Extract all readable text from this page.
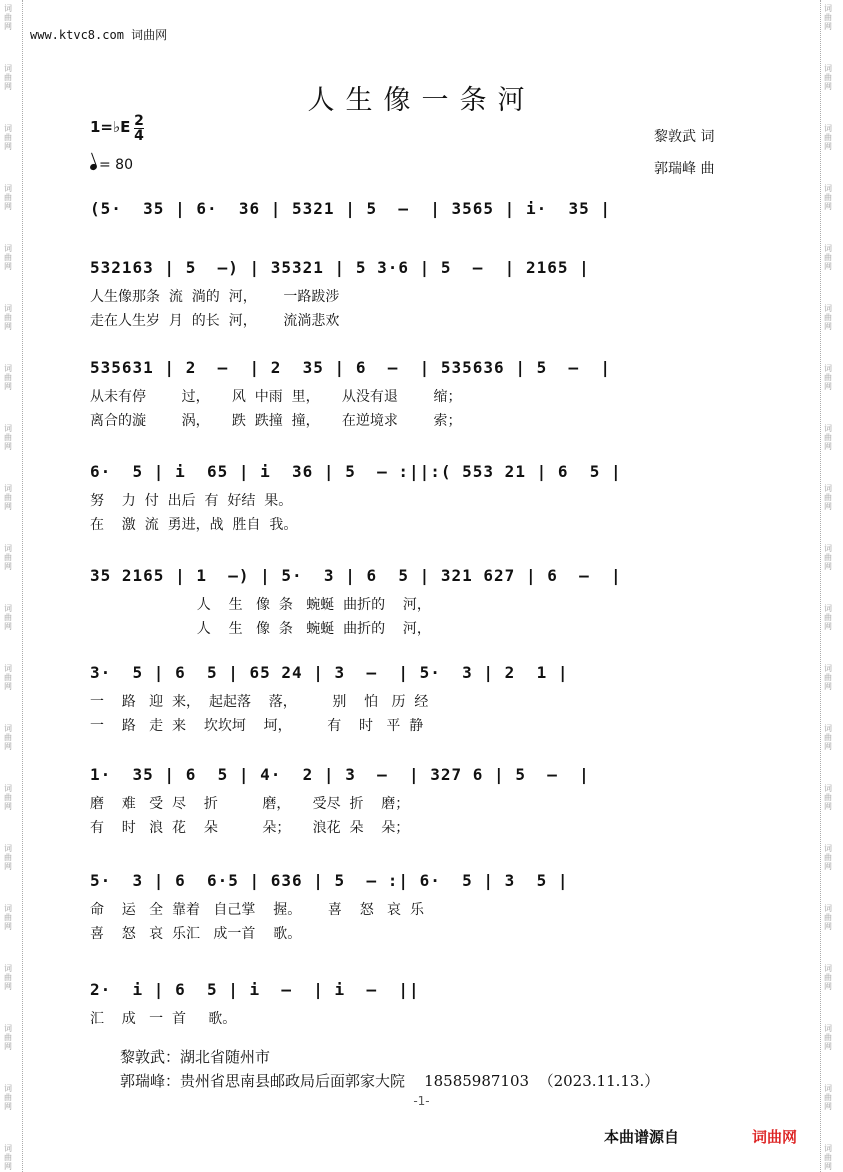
www.ktvc8.com 词曲网
人生像一条河
1=♭E 2
4
= 80
黎敦武 词
郭瑞峰 曲
(5·  35 | 6·  36 | 5321 | 5  –  | 3565 | i·  35 |
532163 | 5  –) | 35321 | 5 3·6 | 5  –  | 2165 |
人生像那条  流  淌的  河，      一路跋涉
走在人生岁  月  的长  河，      流淌悲欢
535631 | 2  –  | 2  35 | 6  –  | 535636 | 5  –  |
从未有停        过，     风  中雨  里，     从没有退        缩；
离合的漩        涡，     跌  跌撞  撞，     在逆境求        索；
6·  5 | i  65 | i  36 | 5  – :||:( 553 21 | 6  5 |
努    力  付  出后  有  好结  果。
在    激  流  勇进，战  胜自  我。
35 2165 | 1  –) | 5·  3 | 6  5 | 321 627 | 6  –  |
人    生   像  条   蜿蜒  曲折的    河，
人    生   像  条   蜿蜒  曲折的    河，
3·  5 | 6  5 | 65 24 | 3  –  | 5·  3 | 2  1 |
一    路   迎  来，  起起落    落，        别    怕   历  经
一    路   走  来    坎坎坷    坷，        有    时   平  静
1·  35 | 6  5 | 4·  2 | 3  –  | 327 6 | 5  –  |
磨    难   受  尽    折          磨，     受尽  折    磨；
有    时   浪  花    朵          朵；     浪花  朵    朵；
5·  3 | 6  6·5 | 636 | 5  – :| 6·  5 | 3  5 |
命    运   全  靠着   自己掌    握。      喜    怒   哀  乐
喜    怒   哀  乐汇   成一首    歌。
2·  i | 6  5 | i  –  | i  –  ||
汇    成   一  首     歌。
黎敦武：湖北省随州市
郭瑞峰：贵州省思南县邮政局后面郭家大院    18585987103  （2023.11.13.）
-1-
本曲谱源自	词曲网
词
曲
网
词
曲
网
词
曲
网
词
曲
网
词
曲
网
词
曲
网
词
曲
网
词
曲
网
词
曲
网
词
曲
网
词
曲
网
词
曲
网
词
曲
网
词
曲
网
词
曲
网
词
曲
网
词
曲
网
词
曲
网
词
曲
网
词
曲
网
词
曲
网
词
曲
网
词
曲
网
词
曲
网
词
曲
网
词
曲
网
词
曲
网
词
曲
网
词
曲
网
词
曲
网
词
曲
网
词
曲
网
词
曲
网
词
曲
网
词
曲
网
词
曲
网
词
曲
网
词
曲
网
词
曲
网
词
曲
网
